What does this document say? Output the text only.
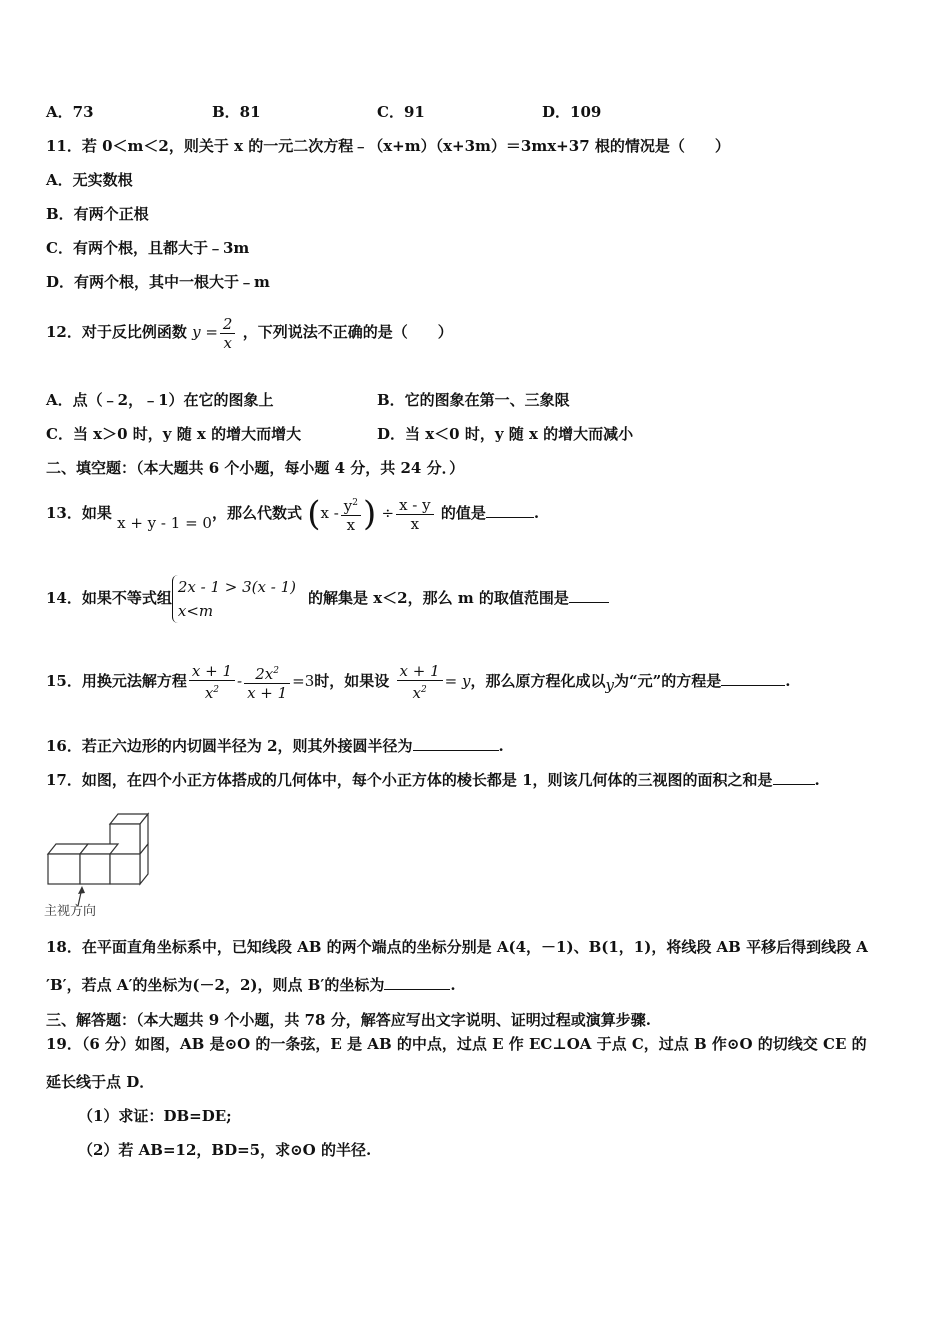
A．73	B．81	C．91	D．109
11．若 0＜m＜2，则关于 x 的一元二次方程﹣（x+m）（x+3m）＝3mx+37 根的情况是（　　）
A．无实数根
B．有两个正根
C．有两个根，且都大于﹣3m
D．有两个根，其中一根大于﹣m
12．对于反比例函数 $y = \frac{2}{x}$ ，下列说法不正确的是（　　）
A．点（﹣2，﹣1）在它的图象上	B．它的图象在第一、三象限
C．当 x＞0 时，y 随 x 的增大而增大	D．当 x＜0 时，y 随 x 的增大而减小
二、填空题：（本大题共 6 个小题，每小题 4 分，共 24 分．）
13．如果 x + y - 1 = 0，那么代数式 ($x - \frac{y^2}{x}$ ) ÷ $\frac{x - y}{x}$ 的值是	.
14．如果不等式组
2x - 1 > 3(x - 1)
x<m
的解集是 x＜2，那么 m 的取值范围是
15．用换元法解方程 $\frac{x + 1}{x^2} - \frac{2x^2}{x + 1} =3$时，如果设 $\frac{x + 1}{x^2} = y$，那么原方程化成以y为“元”的方程是	.
16．若正六边形的内切圆半径为 2，则其外接圆半径为	.
17．如图，在四个小正方体搭成的几何体中，每个小正方体的棱长都是 1，则该几何体的三视图的面积之和是	.
主视方向
18．在平面直角坐标系中，已知线段 AB 的两个端点的坐标分别是 A(4，－1)、B(1，1)，将线段 AB 平移后得到线段 A
′B′，若点 A′的坐标为(－2，2)，则点 B′的坐标为	.
三、解答题：（本大题共 9 个小题，共 78 分，解答应写出文字说明、证明过程或演算步骤.
19．（6 分）如图，AB 是⊙O 的一条弦，E 是 AB 的中点，过点 E 作 EC⊥OA 于点 C，过点 B 作⊙O 的切线交 CE 的
延长线于点 D．
（1）求证：DB=DE;
（2）若 AB=12，BD=5，求⊙O 的半径.
